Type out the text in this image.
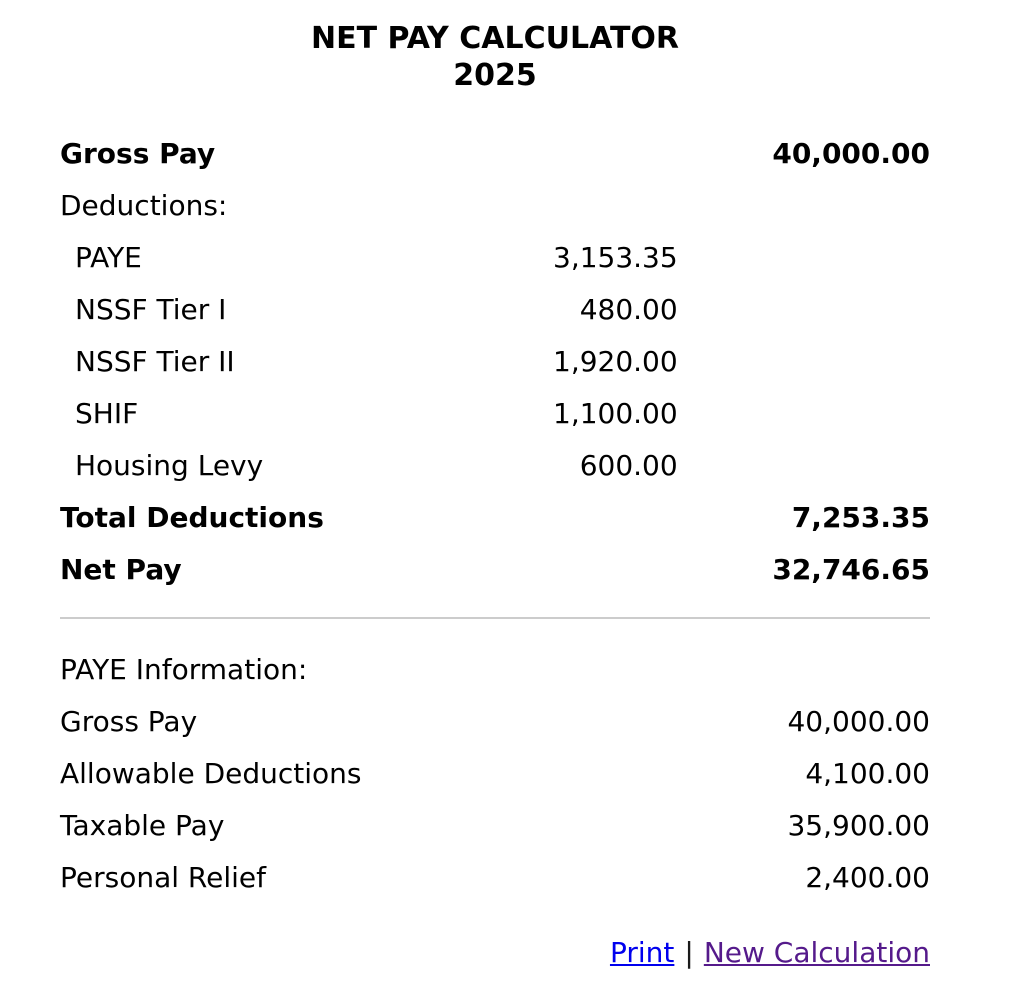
NET PAY CALCULATOR
2025
Gross Pay		40,000.00
Deductions:		
PAYE	3,153.35	
NSSF Tier I	480.00	
NSSF Tier II	1,920.00	
SHIF	1,100.00	
Housing Levy	600.00	
Total Deductions		7,253.35
Net Pay		32,746.65
PAYE Information:	
Gross Pay	40,000.00
Allowable Deductions	4,100.00
Taxable Pay	35,900.00
Personal Relief	2,400.00
Print | New Calculation
